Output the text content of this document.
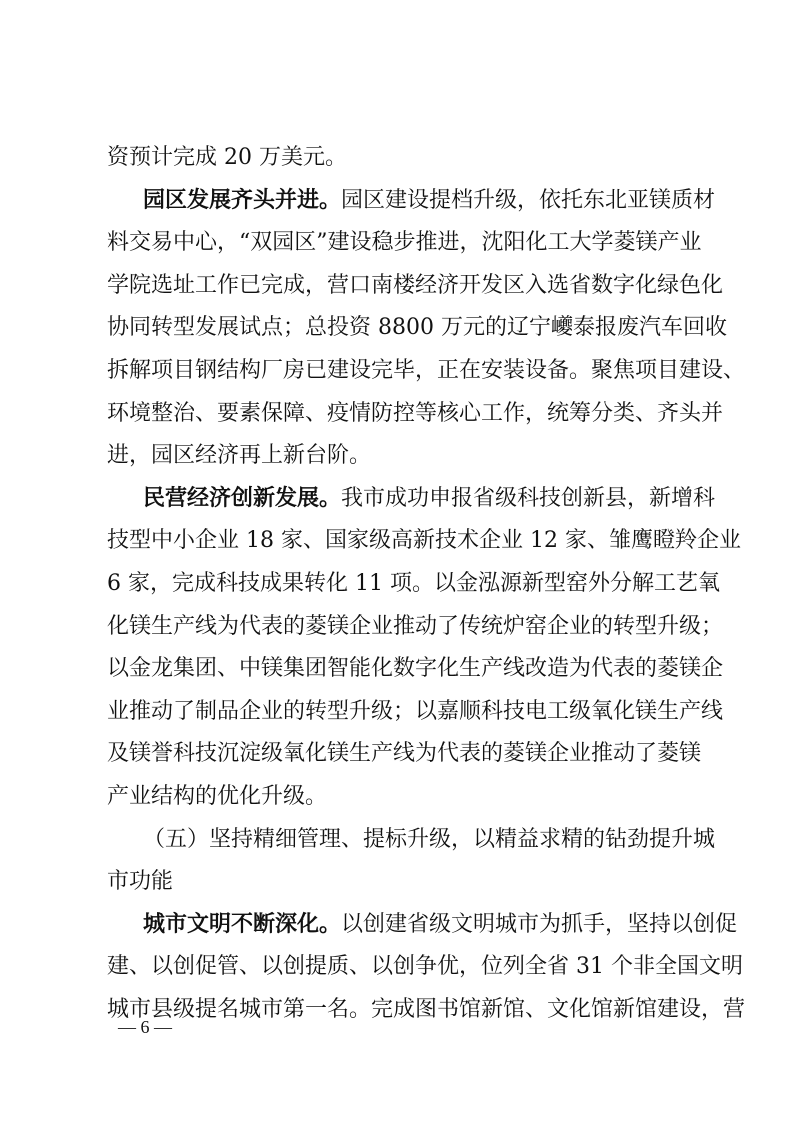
资预计完成 20 万美元。
园区发展齐头并进。园区建设提档升级，依托东北亚镁质材
料交易中心，“双园区”建设稳步推进，沈阳化工大学菱镁产业
学院选址工作已完成，营口南楼经济开发区入选省数字化绿色化
协同转型发展试点；总投资 8800 万元的辽宁巙泰报废汽车回收
拆解项目钢结构厂房已建设完毕，正在安装设备。聚焦项目建设、
环境整治、要素保障、疫情防控等核心工作，统筹分类、齐头并
进，园区经济再上新台阶。
民营经济创新发展。我市成功申报省级科技创新县，新增科
技型中小企业 18 家、国家级高新技术企业 12 家、雏鹰瞪羚企业
6 家，完成科技成果转化 11 项。以金泓源新型窑外分解工艺氧
化镁生产线为代表的菱镁企业推动了传统炉窑企业的转型升级；
以金龙集团、中镁集团智能化数字化生产线改造为代表的菱镁企
业推动了制品企业的转型升级；以嘉顺科技电工级氧化镁生产线
及镁誉科技沉淀级氧化镁生产线为代表的菱镁企业推动了菱镁
产业结构的优化升级。
（五）坚持精细管理、提标升级，以精益求精的钻劲提升城
市功能
— 6 —
城市文明不断深化。以创建省级文明城市为抓手，坚持以创促
建、以创促管、以创提质、以创争优，位列全省 31 个非全国文明
城市县级提名城市第一名。完成图书馆新馆、文化馆新馆建设，营
